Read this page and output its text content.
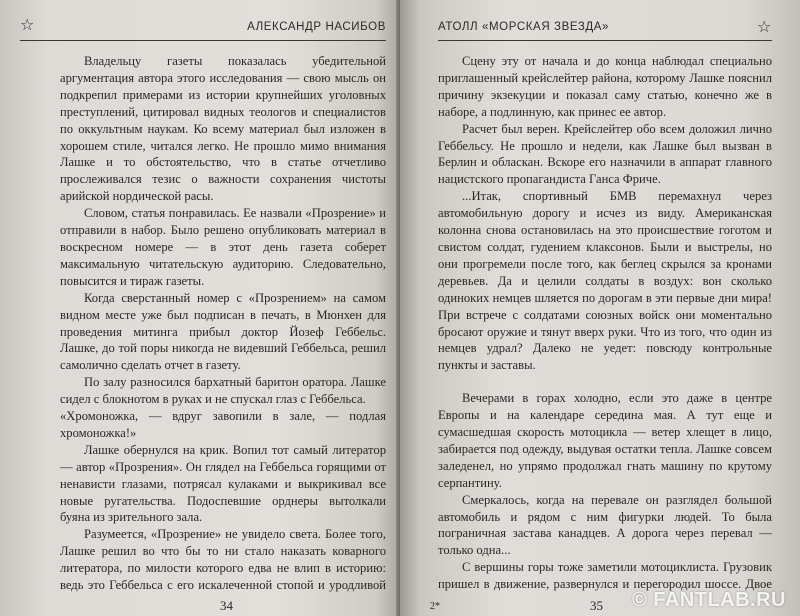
☆	АЛЕКСАНДР НАСИБОВ

Владельцу газеты показалась убедительной аргументация автора этого исследования — свою мысль он подкрепил примерами из истории крупнейших уголовных преступлений, цитировал видных теологов и специалистов по оккультным наукам. Ко всему материал был изложен в хорошем стиле, читался легко. Не прошло мимо внимания Лашке и то обстоятельство, что в статье отчетливо прослеживался тезис о важности сохранения чистоты арийской нордической расы.

Словом, статья понравилась. Ее назвали «Прозрение» и отправили в набор. Было решено опубликовать материал в воскресном номере — в этот день газета соберет максимальную читательскую аудиторию. Следовательно, повысится и тираж газеты.

Когда сверстанный номер с «Прозрением» на самом видном месте уже был подписан в печать, в Мюнхен для проведения митинга прибыл доктор Йозеф Геббельс. Лашке, до той поры никогда не видевший Геббельса, решил самолично сделать отчет в газету.

По залу разносился бархатный баритон оратора. Лашке сидел с блокнотом в руках и не спускал глаз с Геббельса.

«Хромоножка, — вдруг завопили в зале, — подлая хромоножка!»

Лашке обернулся на крик. Вопил тот самый литератор — автор «Прозрения». Он глядел на Геббельса горящими от ненависти глазами, потрясал кулаками и выкрикивал все новые ругательства. Подоспевшие орднеры вытолкали буяна из зрительного зала.

Разумеется, «Прозрение» не увидело света. Более того, Лашке решил во что бы то ни стало наказать коварного литератора, по милости которого едва не влип в историю: ведь это Геббельса с его искалеченной стопой и уродливой

34
АТОЛЛ «МОРСКАЯ ЗВЕЗДА»	☆

Сцену эту от начала и до конца наблюдал специально приглашенный крейслейтер района, которому Лашке пояснил причину экзекуции и показал саму статью, конечно же в наборе, а подлинную, как принес ее автор.

Расчет был верен. Крейслейтер обо всем доложил лично Геббельсу. Не прошло и недели, как Лашке был вызван в Берлин и обласкан. Вскоре его назначили в аппарат главного нацистского пропагандиста Ганса Фриче.

...Итак, спортивный БМВ перемахнул через автомобильную дорогу и исчез из виду. Американская колонна снова остановилась на это происшествие гоготом и свистом солдат, гудением клаксонов. Были и выстрелы, но они прогремели после того, как беглец скрылся за кронами деревьев. Да и целили солдаты в воздух: вон сколько одиноких немцев шляется по дорогам в эти первые дни мира! При встрече с солдатами союзных войск они моментально бросают оружие и тянут вверх руки. Что из того, что один из немцев удрал? Далеко не уедет: повсюду контрольные пункты и заставы.

Вечерами в горах холодно, если это даже в центре Европы и на календаре середина мая. А тут еще и сумасшедшая скорость мотоцикла — ветер хлещет в лицо, забирается под одежду, выдувая остатки тепла. Лашке совсем заледенел, но упрямо продолжал гнать машину по крутому серпантину.

Смеркалось, когда на перевале он разглядел большой автомобиль и рядом с ним фигурки людей. То была пограничная застава канадцев. А дорога через перевал — только одна...

С вершины горы тоже заметили мотоциклиста. Грузовик пришел в движение, развернулся и перегородил шоссе. Двое

2*	35 © FANTLAB.RU
